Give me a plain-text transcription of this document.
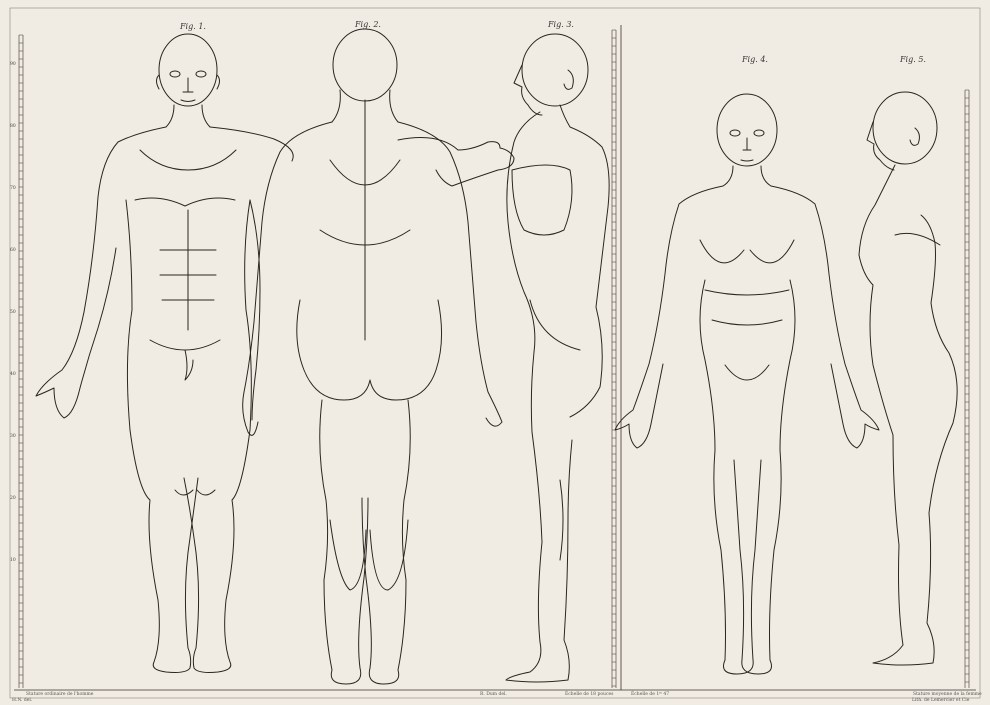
Fig. 1.	Fig. 2.	Fig. 3.
Fig. 4.	Fig. 5.
90
80
70
60
50
40
30
20
10
Stature ordinaire de l'homme	R. Dum del.	Échelle de 18 pouces	Échelle de 1ᵐ 47	Stature moyenne de la femme
Lith. de Lemercier et Cie
H.N. del.
